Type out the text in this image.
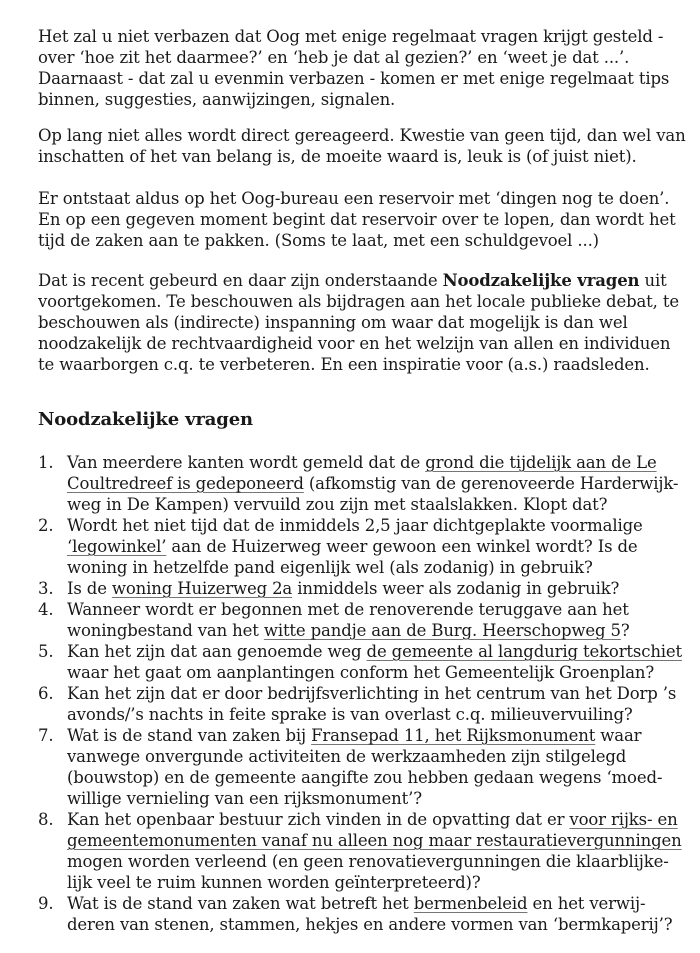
Het zal u niet verbazen dat Oog met enige regelmaat vragen krijgt gesteld -
over ‘hoe zit het daarmee?’ en ‘heb je dat al gezien?’ en ‘weet je dat ...’.
Daarnaast - dat zal u evenmin verbazen - komen er met enige regelmaat tips
binnen, suggesties, aanwijzingen, signalen.
Op lang niet alles wordt direct gereageerd. Kwestie van geen tijd, dan wel van
inschatten of het van belang is, de moeite waard is, leuk is (of juist niet).
Er ontstaat aldus op het Oog-bureau een reservoir met ‘dingen nog te doen’.
En op een gegeven moment begint dat reservoir over te lopen, dan wordt het
tijd de zaken aan te pakken. (Soms te laat, met een schuldgevoel ...)
Dat is recent gebeurd en daar zijn onderstaande Noodzakelijke vragen uit
voortgekomen. Te beschouwen als bijdragen aan het locale publieke debat, te
beschouwen als (indirecte) inspanning om waar dat mogelijk is dan wel
noodzakelijk de rechtvaardigheid voor en het welzijn van allen en individuen
te waarborgen c.q. te verbeteren. En een inspiratie voor (a.s.) raadsleden.
Noodzakelijke vragen
1. Van meerdere kanten wordt gemeld dat de grond die tijdelijk aan de Le
Coultredreef is gedeponeerd (afkomstig van de gerenoveerde Harderwijk-
weg in De Kampen) vervuild zou zijn met staalslakken. Klopt dat?
2. Wordt het niet tijd dat de inmiddels 2,5 jaar dichtgeplakte voormalige
‘legowinkel’ aan de Huizerweg weer gewoon een winkel wordt? Is de
woning in hetzelfde pand eigenlijk wel (als zodanig) in gebruik?
3. Is de woning Huizerweg 2a inmiddels weer als zodanig in gebruik?
4. Wanneer wordt er begonnen met de renoverende teruggave aan het
woningbestand van het witte pandje aan de Burg. Heerschopweg 5?
5. Kan het zijn dat aan genoemde weg de gemeente al langdurig tekortschiet
waar het gaat om aanplantingen conform het Gemeentelijk Groenplan?
6. Kan het zijn dat er door bedrijfsverlichting in het centrum van het Dorp ’s
avonds/’s nachts in feite sprake is van overlast c.q. milieuvervuiling?
7. Wat is de stand van zaken bij Fransepad 11, het Rijksmonument waar
vanwege onvergunde activiteiten de werkzaamheden zijn stilgelegd
(bouwstop) en de gemeente aangifte zou hebben gedaan wegens ‘moed-
willige vernieling van een rijksmonument’?
8. Kan het openbaar bestuur zich vinden in de opvatting dat er voor rijks- en
gemeentemonumenten vanaf nu alleen nog maar restauratievergunningen
mogen worden verleend (en geen renovatievergunningen die klaarblijke-
lijk veel te ruim kunnen worden geïnterpreteerd)?
9. Wat is de stand van zaken wat betreft het bermenbeleid en het verwij-
deren van stenen, stammen, hekjes en andere vormen van ‘bermkaperij’?
